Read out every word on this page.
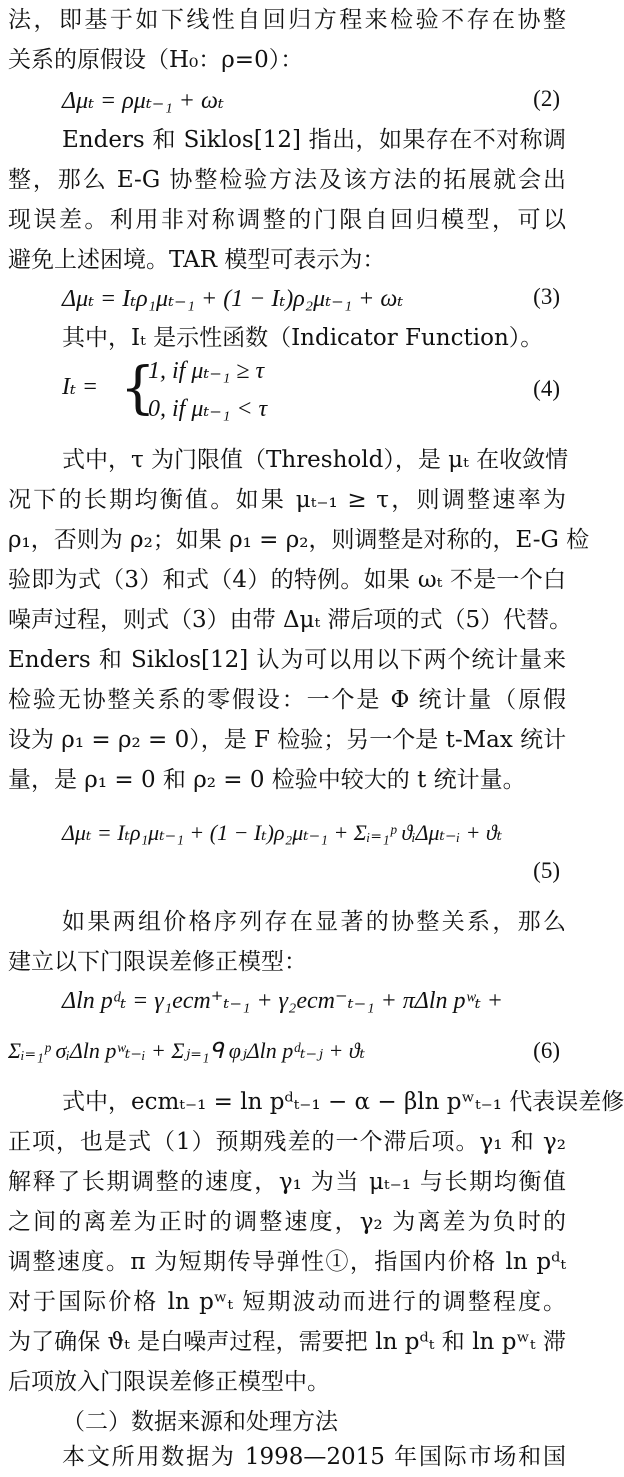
法，即基于如下线性自回归方程来检验不存在协整
关系的原假设（H₀：ρ=0）：
Δμₜ = ρμₜ₋₁ + ωₜ	(2)
Enders 和 Siklos[12] 指出，如果存在不对称调
整，那么 E-G 协整检验方法及该方法的拓展就会出
现误差。利用非对称调整的门限自回归模型，可以
避免上述困境。TAR 模型可表示为：
Δμₜ = Iₜρ₁μₜ₋₁ + (1 − Iₜ)ρ₂μₜ₋₁ + ωₜ	(3)
其中，Iₜ 是示性函数（Indicator Function）。
Iₜ = {
1, if μₜ₋₁ ≥ τ
0, if μₜ₋₁ < τ
(4)
式中，τ 为门限值（Threshold），是 μₜ 在收敛情
况下的长期均衡值。如果 μₜ₋₁ ≥ τ，则调整速率为
ρ₁，否则为 ρ₂；如果 ρ₁ = ρ₂，则调整是对称的，E-G 检
验即为式（3）和式（4）的特例。如果 ωₜ 不是一个白
噪声过程，则式（3）由带 Δμₜ 滞后项的式（5）代替。
Enders 和 Siklos[12] 认为可以用以下两个统计量来
检验无协整关系的零假设：一个是 Φ 统计量（原假
设为 ρ₁ = ρ₂ = 0），是 F 检验；另一个是 t-Max 统计
量，是 ρ₁ = 0 和 ρ₂ = 0 检验中较大的 t 统计量。
Δμₜ = Iₜρ₁μₜ₋₁ + (1 − Iₜ)ρ₂μₜ₋₁ + Σᵢ₌₁ᵖ ϑᵢΔμₜ₋ᵢ + ϑₜ
(5)
如果两组价格序列存在显著的协整关系，那么
建立以下门限误差修正模型：
Δln pᵈₜ = γ₁ecm⁺ₜ₋₁ + γ₂ecm⁻ₜ₋₁ + πΔln pʷₜ +
Σᵢ₌₁ᵖ σᵢΔln pʷₜ₋ᵢ + Σⱼ₌₁ᑫ φⱼΔln pᵈₜ₋ⱼ + ϑₜ	(6)
式中，ecmₜ₋₁ = ln pᵈₜ₋₁ − α − βln pʷₜ₋₁ 代表误差修
正项，也是式（1）预期残差的一个滞后项。γ₁ 和 γ₂
解释了长期调整的速度，γ₁ 为当 μₜ₋₁ 与长期均衡值
之间的离差为正时的调整速度，γ₂ 为离差为负时的
调整速度。π 为短期传导弹性①，指国内价格 ln pᵈₜ
对于国际价格 ln pʷₜ 短期波动而进行的调整程度。
为了确保 ϑₜ 是白噪声过程，需要把 ln pᵈₜ 和 ln pʷₜ 滞
后项放入门限误差修正模型中。
（二）数据来源和处理方法
本文所用数据为 1998—2015 年国际市场和国
